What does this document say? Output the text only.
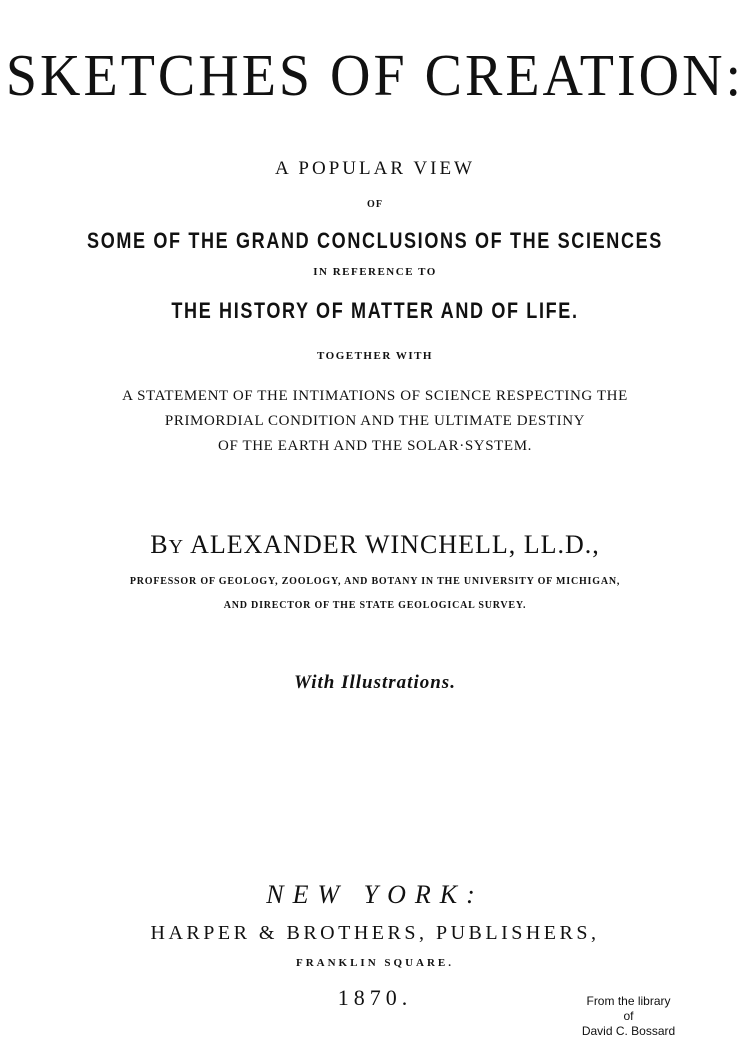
SKETCHES OF CREATION:
A POPULAR VIEW
OF
SOME OF THE GRAND CONCLUSIONS OF THE SCIENCES
IN REFERENCE TO
THE HISTORY OF MATTER AND OF LIFE.
TOGETHER WITH
A STATEMENT OF THE INTIMATIONS OF SCIENCE RESPECTING THE
PRIMORDIAL CONDITION AND THE ULTIMATE DESTINY
OF THE EARTH AND THE SOLAR·SYSTEM.
BY ALEXANDER WINCHELL, LL.D.,
PROFESSOR OF GEOLOGY, ZOOLOGY, AND BOTANY IN THE UNIVERSITY OF MICHIGAN,
AND DIRECTOR OF THE STATE GEOLOGICAL SURVEY.
With Illustrations.
NEW YORK:
HARPER & BROTHERS, PUBLISHERS,
FRANKLIN SQUARE.
1870.	From the library
of
David C. Bossard
